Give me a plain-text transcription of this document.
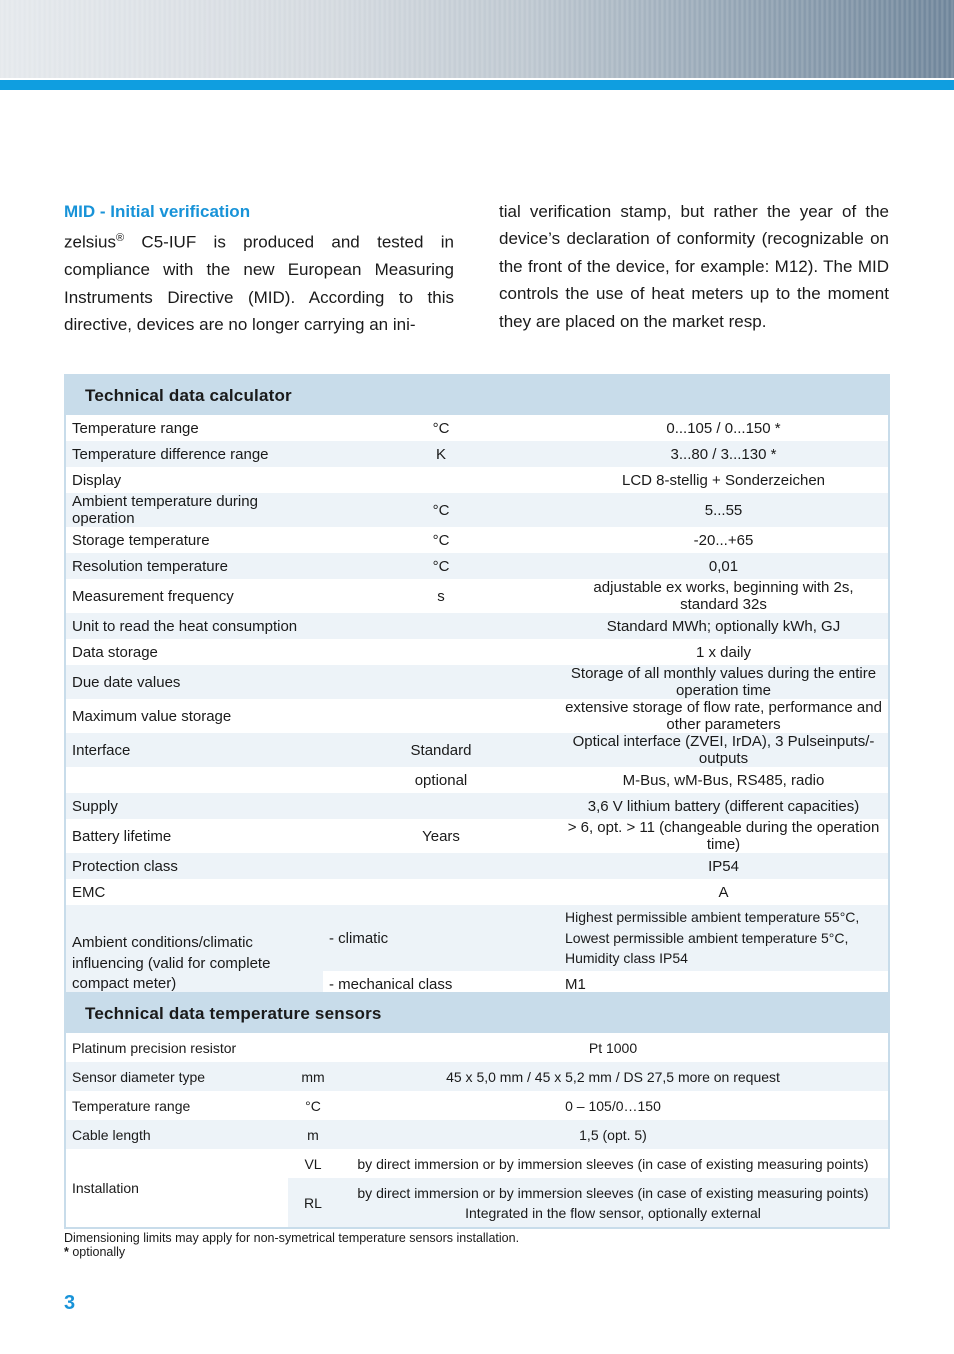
MID - Initial verification
zelsius® C5-IUF is produced and tested in compliance with the new European Measuring Instruments Directive (MID). According to this directive, devices are no longer carrying an ini-
tial verification stamp, but rather the year of the device’s declaration of conformity (recognizable on the front of the device, for example: M12). The MID controls the use of heat meters up to the moment they are placed on the market resp.
Technical data calculator
Temperature range	°C	0...105 / 0...150 *
Temperature difference range	K	3...80 / 3...130 *
Display		LCD 8-stellig + Sonderzeichen
Ambient temperature during operation	°C	5...55
Storage temperature	°C	-20...+65
Resolution temperature	°C	0,01
Measurement frequency	s	adjustable ex works, beginning with 2s, standard 32s
Unit to read the heat consumption		Standard MWh; optionally kWh, GJ
Data storage		1 x daily
Due date values		Storage of all monthly values during the entire operation time
Maximum value storage		extensive storage of flow rate, performance and other parameters
Interface	Standard	Optical interface (ZVEI, IrDA), 3 Pulseinputs/-outputs
	optional	M-Bus, wM-Bus, RS485, radio
Supply		3,6 V lithium battery (different capacities)
Battery lifetime	Years	> 6, opt. > 11 (changeable during the operation time)
Protection class		IP54
EMC		A
Ambient conditions/climatic influencing (valid for complete compact meter)	- climatic	Highest permissible ambient temperature 55°C, Lowest permissible ambient temperature 5°C, Humidity class IP54
	- mechanical class	M1

Technical data temperature sensors
Platinum precision resistor		Pt 1000
Sensor diameter type	mm	45 x 5,0 mm / 45 x 5,2 mm / DS 27,5 more on request
Temperature range	°C	0 – 105/0…150
Cable length	m	1,5 (opt. 5)
Installation	VL	by direct immersion or by immersion sleeves (in case of existing measuring points)
	RL	by direct immersion or by immersion sleeves (in case of existing measuring points)
Integrated in the flow sensor, optionally external
Dimensioning limits may apply for non-symetrical temperature sensors installation.
* optionally
3
